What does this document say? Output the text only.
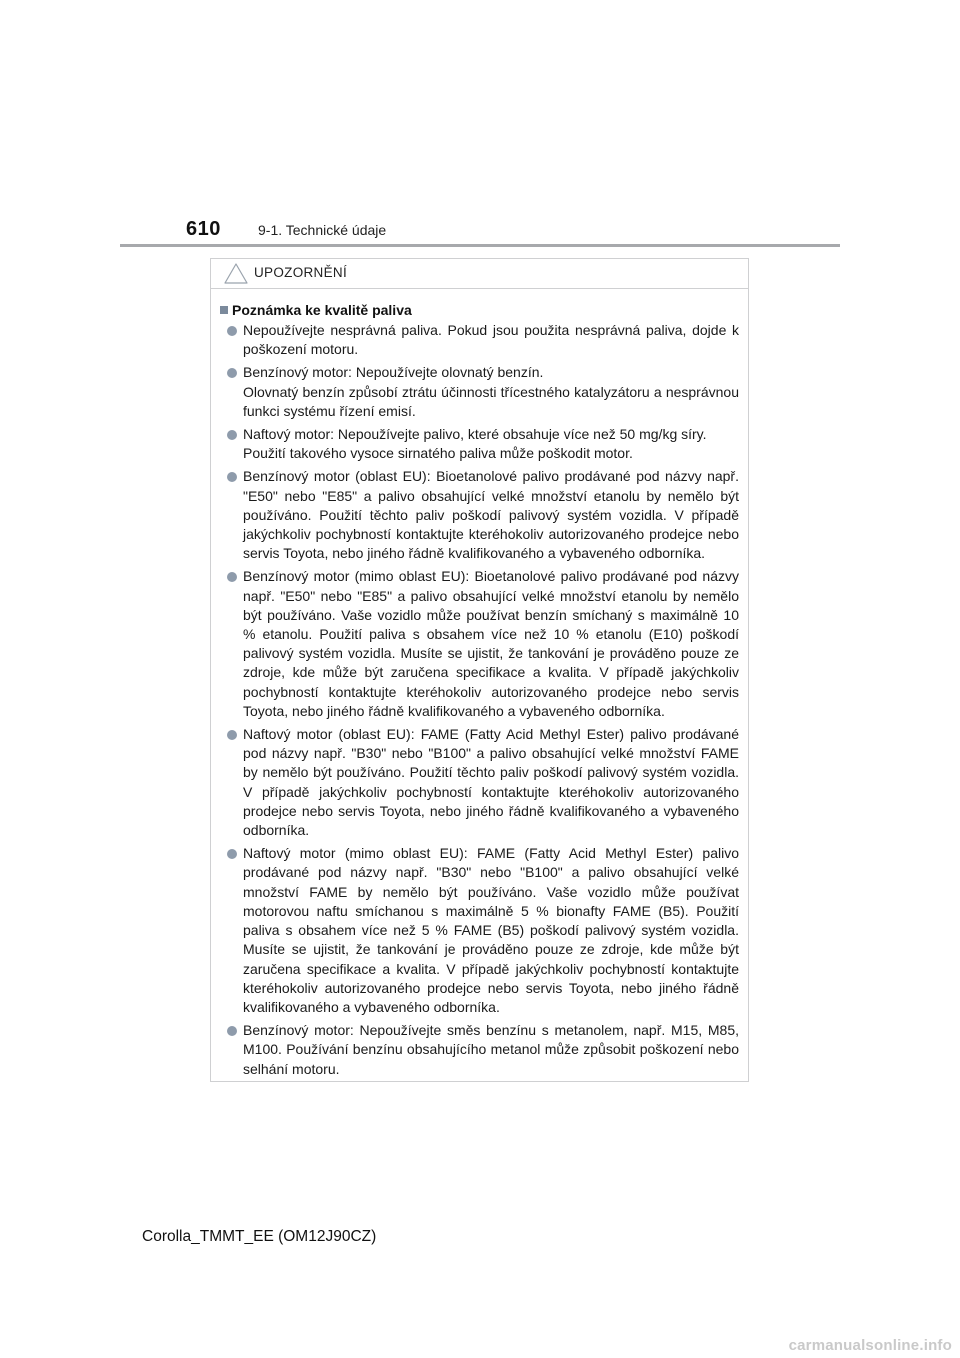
610	9-1. Technické údaje
UPOZORNĚNÍ
Poznámka ke kvalitě paliva
Nepoužívejte nesprávná paliva. Pokud jsou použita nesprávná paliva, dojde k poškození motoru.
Benzínový motor: Nepoužívejte olovnatý benzín.
Olovnatý benzín způsobí ztrátu účinnosti třícestného katalyzátoru a nesprávnou funkci systému řízení emisí.
Naftový motor: Nepoužívejte palivo, které obsahuje více než 50 mg/kg síry.
Použití takového vysoce sirnatého paliva může poškodit motor.
Benzínový motor (oblast EU): Bioetanolové palivo prodávané pod názvy např. "E50" nebo "E85" a palivo obsahující velké množství etanolu by nemělo být používáno. Použití těchto paliv poškodí palivový systém vozidla. V případě jakýchkoliv pochybností kontaktujte kteréhokoliv autorizovaného prodejce nebo servis Toyota, nebo jiného řádně kvalifikovaného a vybaveného odborníka.
Benzínový motor (mimo oblast EU): Bioetanolové palivo prodávané pod názvy např. "E50" nebo "E85" a palivo obsahující velké množství etanolu by nemělo být používáno. Vaše vozidlo může používat benzín smíchaný s maximálně 10 % etanolu. Použití paliva s obsahem více než 10 % etanolu (E10) poškodí palivový systém vozidla. Musíte se ujistit, že tankování je prováděno pouze ze zdroje, kde může být zaručena specifikace a kvalita. V případě jakýchkoliv pochybností kontaktujte kteréhokoliv autorizovaného prodejce nebo servis Toyota, nebo jiného řádně kvalifikovaného a vybaveného odborníka.
Naftový motor (oblast EU): FAME (Fatty Acid Methyl Ester) palivo prodávané pod názvy např. "B30" nebo "B100" a palivo obsahující velké množství FAME by nemělo být používáno. Použití těchto paliv poškodí palivový systém vozidla. V případě jakýchkoliv pochybností kontaktujte kteréhokoliv autorizovaného prodejce nebo servis Toyota, nebo jiného řádně kvalifikovaného a vybaveného odborníka.
Naftový motor (mimo oblast EU): FAME (Fatty Acid Methyl Ester) palivo prodávané pod názvy např. "B30" nebo "B100" a palivo obsahující velké množství FAME by nemělo být používáno. Vaše vozidlo může používat motorovou naftu smíchanou s maximálně 5 % bionafty FAME (B5). Použití paliva s obsahem více než 5 % FAME (B5) poškodí palivový systém vozidla. Musíte se ujistit, že tankování je prováděno pouze ze zdroje, kde může být zaručena specifikace a kvalita. V případě jakýchkoliv pochybností kontaktujte kteréhokoliv autorizovaného prodejce nebo servis Toyota, nebo jiného řádně kvalifikovaného a vybaveného odborníka.
Benzínový motor: Nepoužívejte směs benzínu s metanolem, např. M15, M85, M100. Používání benzínu obsahujícího metanol může způsobit poškození nebo selhání motoru.
Corolla_TMMT_EE (OM12J90CZ)
carmanualsonline.info
